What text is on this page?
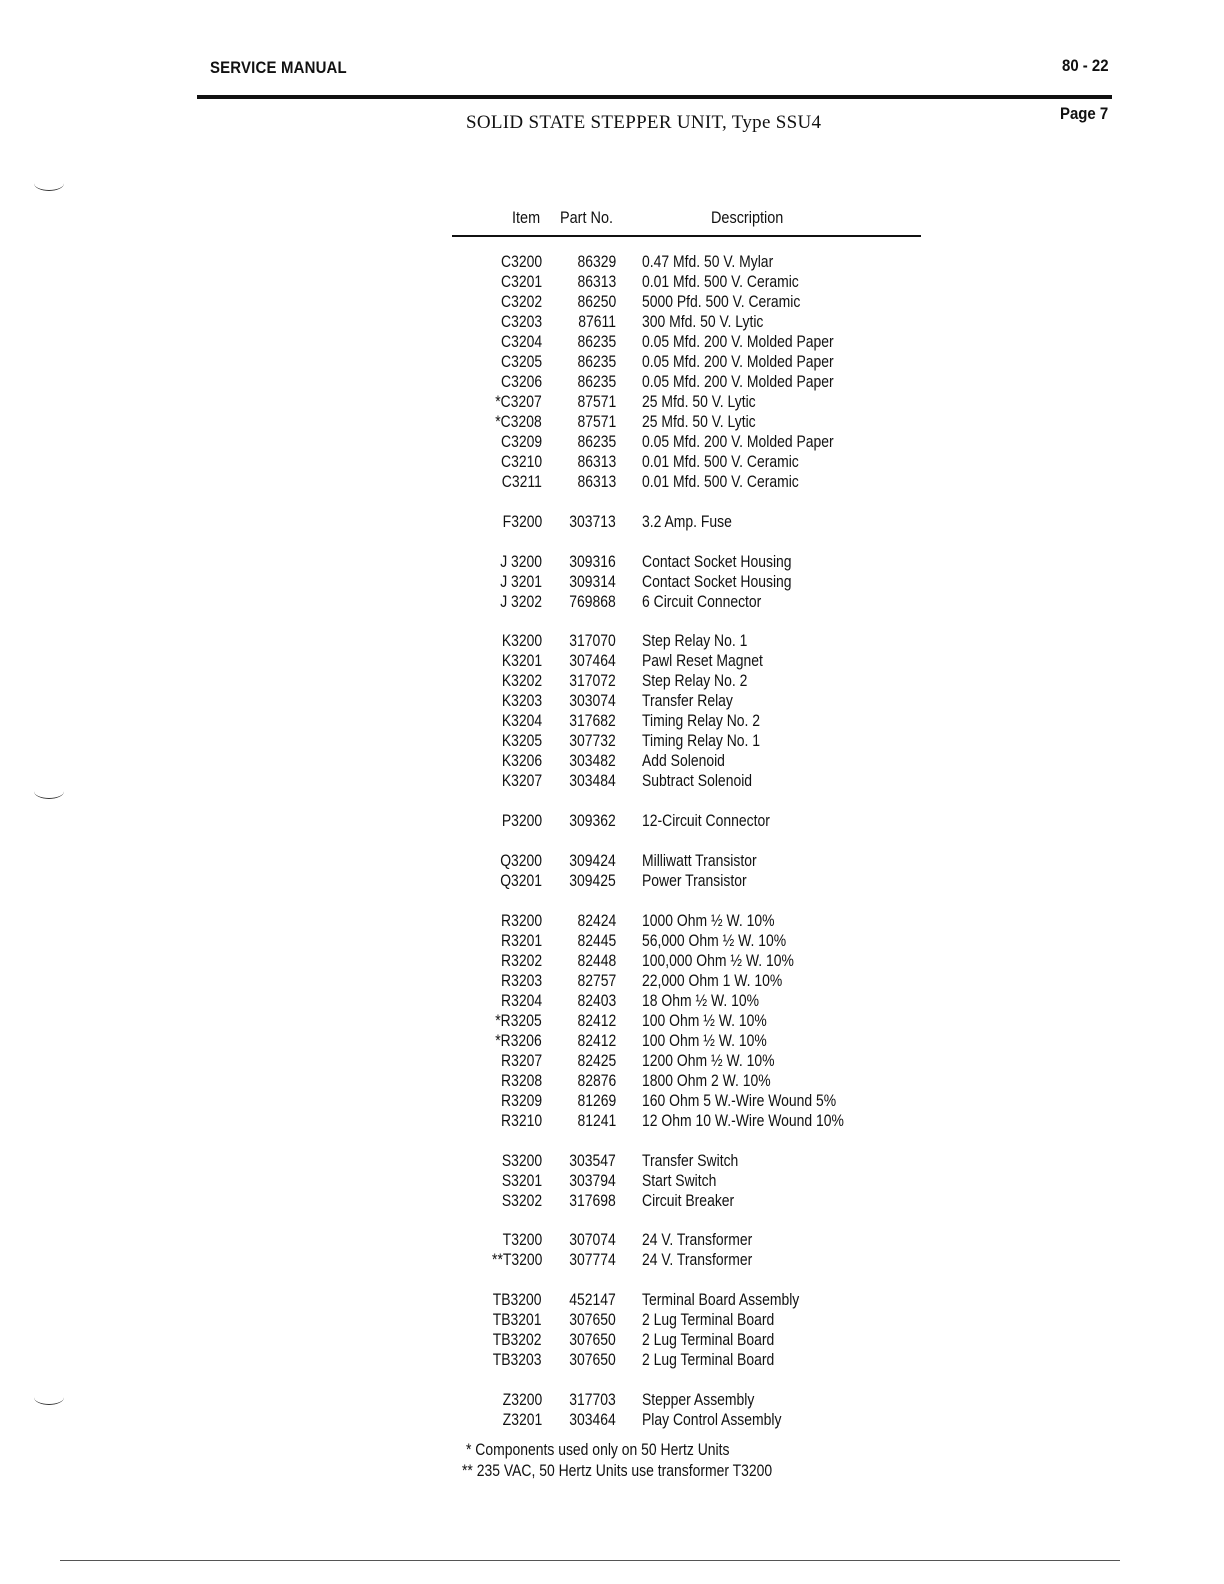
SERVICE MANUAL	80 - 22
Page 7
SOLID STATE STEPPER UNIT, Type SSU4
Item Part No.	Description
C3200 86329 0.47 Mfd. 50 V. Mylar
C3201 86313 0.01 Mfd. 500 V. Ceramic
C3202 86250 5000 Pfd. 500 V. Ceramic
C3203 87611 300 Mfd. 50 V. Lytic
C3204 86235 0.05 Mfd. 200 V. Molded Paper
C3205 86235 0.05 Mfd. 200 V. Molded Paper
C3206 86235 0.05 Mfd. 200 V. Molded Paper
*C3207 87571 25 Mfd. 50 V. Lytic
*C3208 87571 25 Mfd. 50 V. Lytic
C3209 86235 0.05 Mfd. 200 V. Molded Paper
C3210 86313 0.01 Mfd. 500 V. Ceramic
C3211 86313 0.01 Mfd. 500 V. Ceramic
F3200 303713 3.2 Amp. Fuse
J 3200 309316 Contact Socket Housing
J 3201 309314 Contact Socket Housing
J 3202 769868 6 Circuit Connector
K3200 317070 Step Relay No. 1
K3201 307464 Pawl Reset Magnet
K3202 317072 Step Relay No. 2
K3203 303074 Transfer Relay
K3204 317682 Timing Relay No. 2
K3205 307732 Timing Relay No. 1
K3206 303482 Add Solenoid
K3207 303484 Subtract Solenoid
P3200 309362 12-Circuit Connector
Q3200 309424 Milliwatt Transistor
Q3201 309425 Power Transistor
R3200 82424 1000 Ohm ½ W. 10%
R3201 82445 56,000 Ohm ½ W. 10%
R3202 82448 100,000 Ohm ½ W. 10%
R3203 82757 22,000 Ohm 1 W. 10%
R3204 82403 18 Ohm ½ W. 10%
*R3205 82412 100 Ohm ½ W. 10%
*R3206 82412 100 Ohm ½ W. 10%
R3207 82425 1200 Ohm ½ W. 10%
R3208 82876 1800 Ohm 2 W. 10%
R3209 81269 160 Ohm 5 W.-Wire Wound 5%
R3210 81241 12 Ohm 10 W.-Wire Wound 10%
S3200 303547 Transfer Switch
S3201 303794 Start Switch
S3202 317698 Circuit Breaker
T3200 307074 24 V. Transformer
**T3200 307774 24 V. Transformer
TB3200 452147 Terminal Board Assembly
TB3201 307650 2 Lug Terminal Board
TB3202 307650 2 Lug Terminal Board
TB3203 307650 2 Lug Terminal Board
Z3200 317703 Stepper Assembly
Z3201 303464 Play Control Assembly
* Components used only on 50 Hertz Units
** 235 VAC, 50 Hertz Units use transformer T3200
